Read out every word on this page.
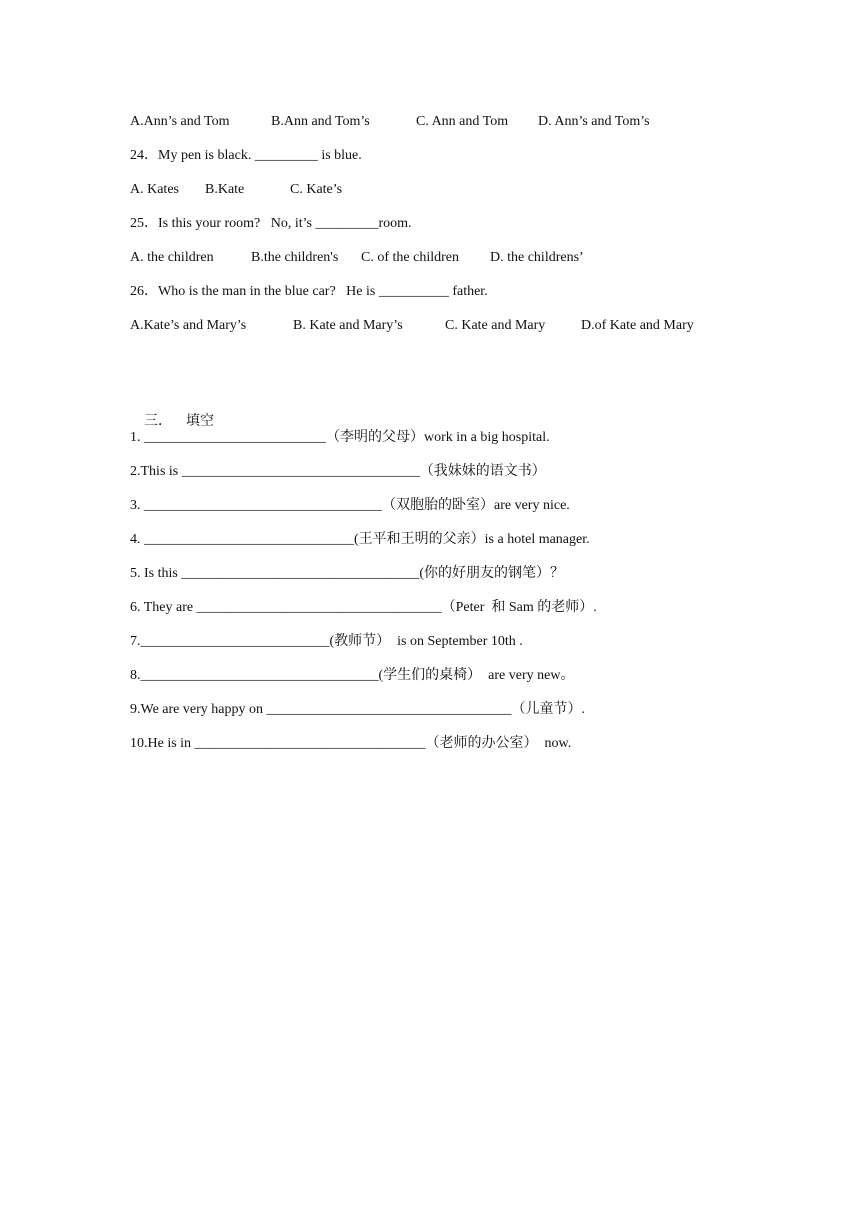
A.Ann’s and Tom

	B.Ann and Tom’s

	C. Ann and Tom

D. Ann’s and Tom’s

24．My pen is black. _________ is blue.

A. Kates

B.Kate

	C. Kate’s

25．Is this your room?   No, it’s _________room.

A. the children

	B.the children's

C. of the children

D. the childrens’

26．Who is the man in the blue car?   He is __________ father.

A.Kate’s and Mary’s

	B. Kate and Mary’s

	C. Kate and Mary

	D.of Kate and Mary

三． 填空

1. __________________________（李明的父母）work in a big hospital.
2.This is __________________________________（我妹妹的语文书）
3. __________________________________（双胞胎的卧室）are very nice.
4. ______________________________(王平和王明的父亲）is a hotel manager.
5. Is this __________________________________(你的好朋友的钢笔）？
6. They are ___________________________________（Peter  和 Sam 的老师）.
7.___________________________(教师节）  is on September 10th .
8.__________________________________(学生们的桌椅）  are very new。
9.We are very happy on ___________________________________（儿童节）.
10.He is in _________________________________（老师的办公室）  now.
